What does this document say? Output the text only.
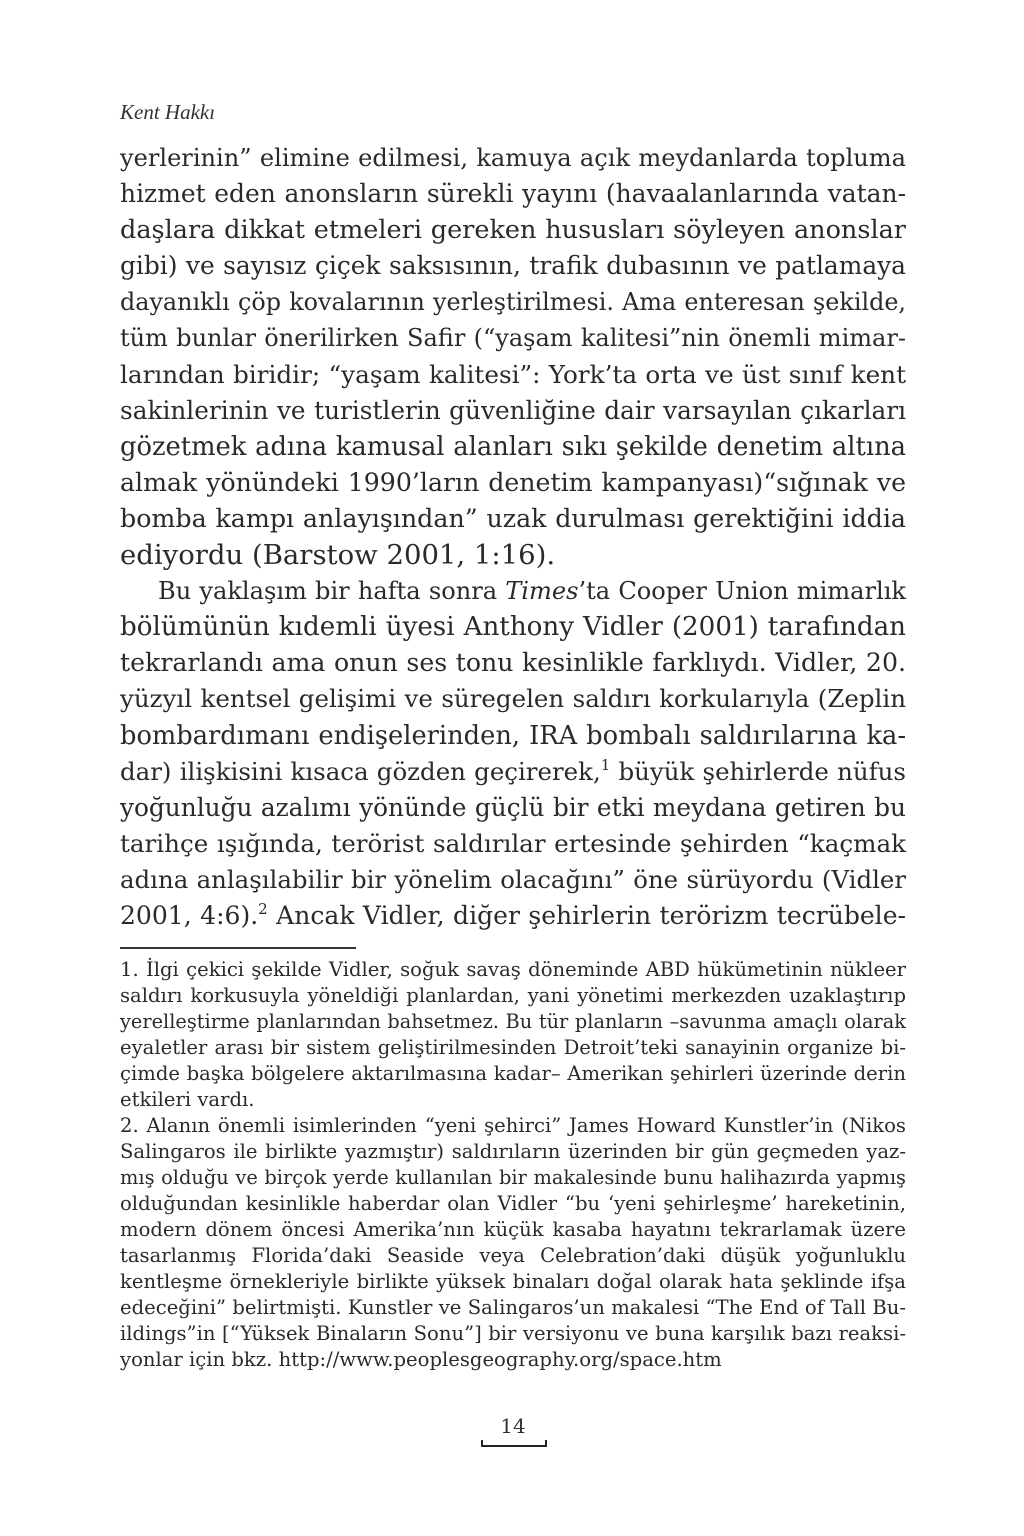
Kent Hakkı
yerlerinin” elimine edilmesi, kamuya açık meydanlarda topluma
hizmet eden anonsların sürekli yayını (havaalanlarında vatan-
daşlara dikkat etmeleri gereken hususları söyleyen anonslar
gibi) ve sayısız çiçek saksısının, trafik dubasının ve patlamaya
dayanıklı çöp kovalarının yerleştirilmesi. Ama enteresan şekilde,
tüm bunlar önerilirken Safir (“yaşam kalitesi”nin önemli mimar-
larından biridir; “yaşam kalitesi”: York’ta orta ve üst sınıf kent
sakinlerinin ve turistlerin güvenliğine dair varsayılan çıkarları
gözetmek adına kamusal alanları sıkı şekilde denetim altına
almak yönündeki 1990’ların denetim kampanyası)“sığınak ve
bomba kampı anlayışından” uzak durulması gerektiğini iddia
ediyordu (Barstow 2001, 1:16).
Bu yaklaşım bir hafta sonra Times’ta Cooper Union mimarlık
bölümünün kıdemli üyesi Anthony Vidler (2001) tarafından
tekrarlandı ama onun ses tonu kesinlikle farklıydı. Vidler, 20.
yüzyıl kentsel gelişimi ve süregelen saldırı korkularıyla (Zeplin
bombardımanı endişelerinden, IRA bombalı saldırılarına ka-
dar) ilişkisini kısaca gözden geçirerek,$^1$ büyük şehirlerde nüfus
yoğunluğu azalımı yönünde güçlü bir etki meydana getiren bu
tarihçe ışığında, terörist saldırılar ertesinde şehirden “kaçmak
adına anlaşılabilir bir yönelim olacağını” öne sürüyordu (Vidler
2001, 4:6).$^2$ Ancak Vidler, diğer şehirlerin terörizm tecrübele-
1. İlgi çekici şekilde Vidler, soğuk savaş döneminde ABD hükümetinin nükleer
saldırı korkusuyla yöneldiği planlardan, yani yönetimi merkezden uzaklaştırıp
yerelleştirme planlarından bahsetmez. Bu tür planların –savunma amaçlı olarak
eyaletler arası bir sistem geliştirilmesinden Detroit’teki sanayinin organize bi-
çimde başka bölgelere aktarılmasına kadar– Amerikan şehirleri üzerinde derin
etkileri vardı.
2. Alanın önemli isimlerinden “yeni şehirci” James Howard Kunstler’in (Nikos
Salingaros ile birlikte yazmıştır) saldırıların üzerinden bir gün geçmeden yaz-
mış olduğu ve birçok yerde kullanılan bir makalesinde bunu halihazırda yapmış
olduğundan kesinlikle haberdar olan Vidler “bu ‘yeni şehirleşme’ hareketinin,
modern dönem öncesi Amerika’nın küçük kasaba hayatını tekrarlamak üzere
tasarlanmış Florida’daki Seaside veya Celebration’daki düşük yoğunluklu
kentleşme örnekleriyle birlikte yüksek binaları doğal olarak hata şeklinde ifşa
edeceğini” belirtmişti. Kunstler ve Salingaros’un makalesi “The End of Tall Bu-
ildings”in [“Yüksek Binaların Sonu”] bir versiyonu ve buna karşılık bazı reaksi-
yonlar için bkz. http://www.peoplesgeography.org/space.htm
14
